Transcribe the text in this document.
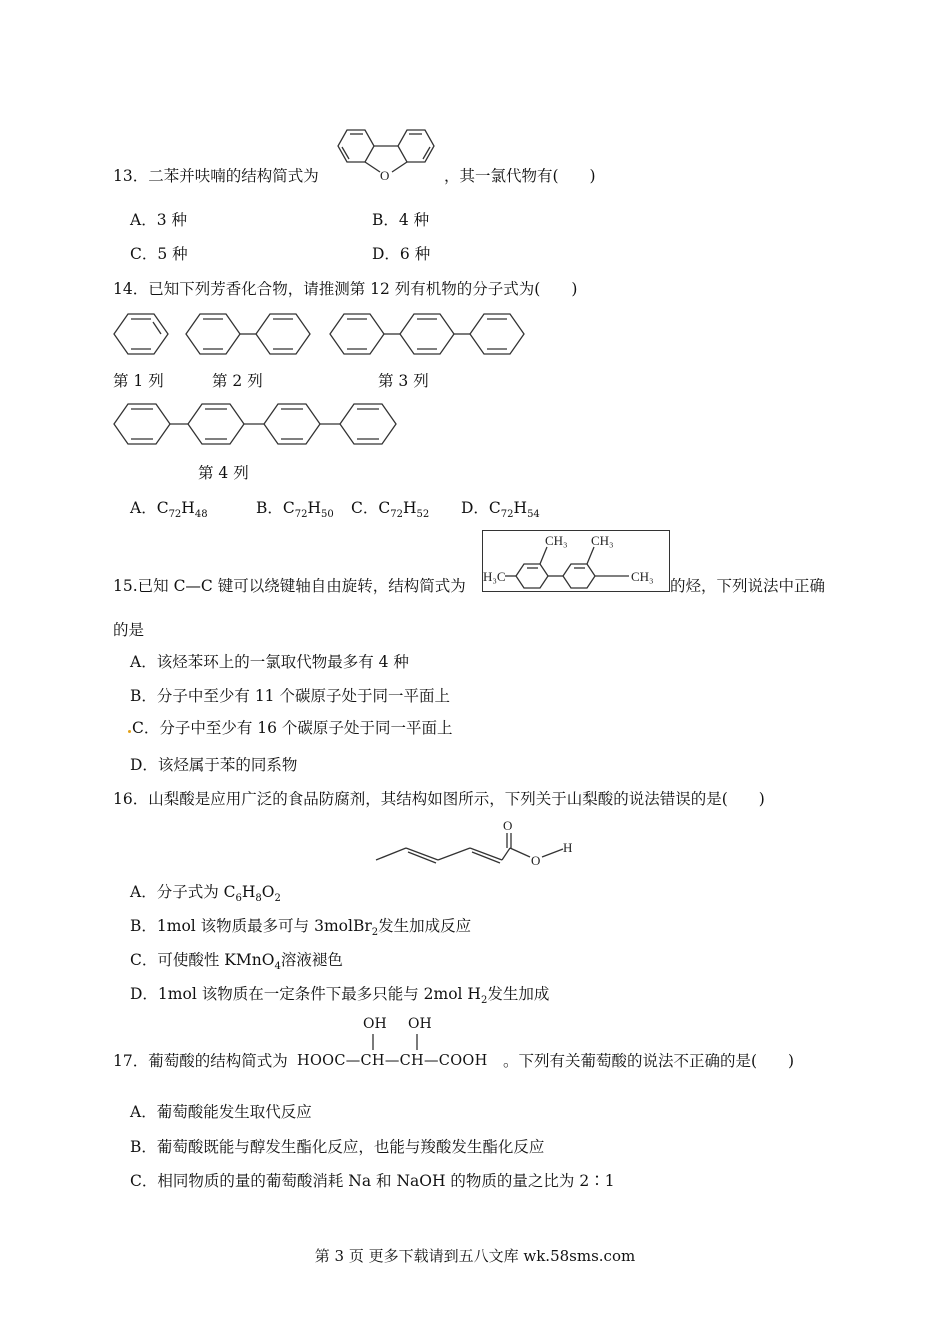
13．二苯并呋喃的结构简式为	O	，其一氯代物有(　　)
A．3 种	B．4 种
C．5 种	D．6 种
14．已知下列芳香化合物，请推测第 12 列有机物的分子式为(　　)
第 1 列	第 2 列	第 3 列
第 4 列
A．$C_{72}H_{48}$	B．$C_{72}H_{50}$ C．$C_{72}H_{52}$ D．$C_{72}H_{54}$
15.已知 C—C 键可以绕键轴自由旋转，结构简式为
H₃C
CH₃ CH₃
CH₃
的烃，下列说法中正确
的是
A．该烃苯环上的一氯取代物最多有 4 种
B．分子中至少有 11 个碳原子处于同一平面上
C．分子中至少有 16 个碳原子处于同一平面上
D．该烃属于苯的同系物
16．山梨酸是应用广泛的食品防腐剂，其结构如图所示，下列关于山梨酸的说法错误的是(　　)
O
O
H
A．分子式为 $C_6H_8O_2$
B．1mol 该物质最多可与 3molBr$_2$发生加成反应
C．可使酸性 KMnO$_4$溶液褪色
D．1mol 该物质在一定条件下最多只能与 2mol $H_2$发生加成
17．葡萄酸的结构简式为
OH OH
HOOC—CH—CH—COOH 。下列有关葡萄酸的说法不正确的是(　　)
A．葡萄酸能发生取代反应
B．葡萄酸既能与醇发生酯化反应，也能与羧酸发生酯化反应
C．相同物质的量的葡萄酸消耗 Na 和 NaOH 的物质的量之比为 2∶1
第 3 页 更多下载请到五八文库 wk.58sms.com
